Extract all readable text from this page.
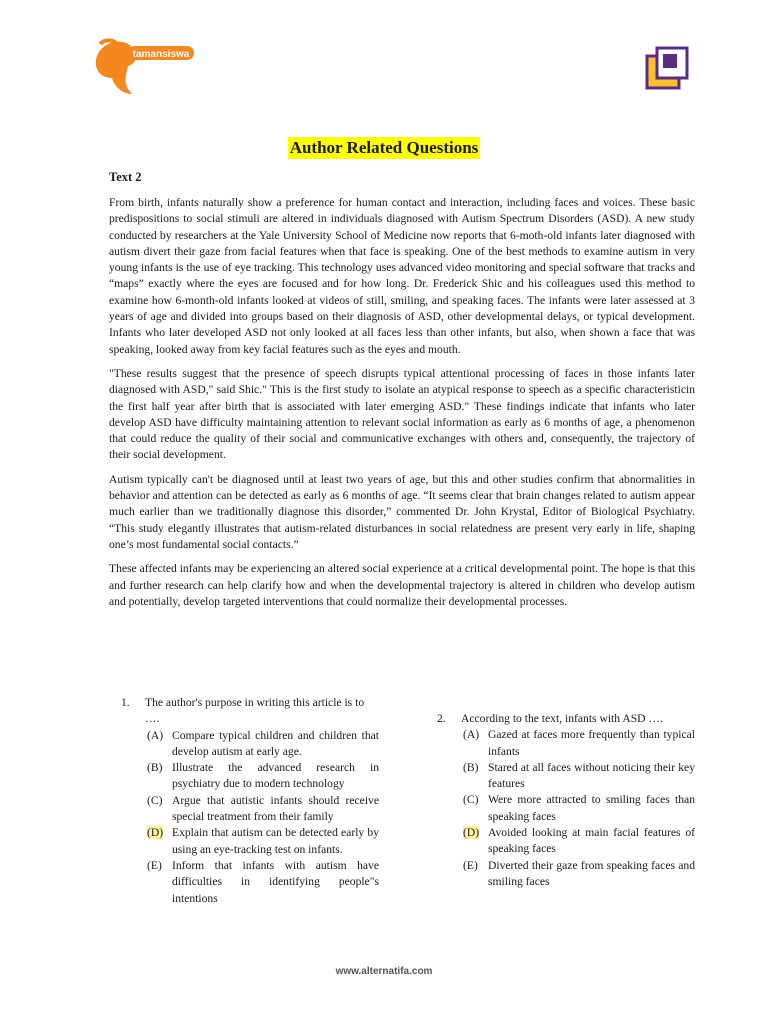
tamansiswa
Author Related Questions
Text 2

From birth, infants naturally show a preference for human contact and interaction, including faces and voices. These basic predispositions to social stimuli are altered in individuals diagnosed with Autism Spectrum Disorders (ASD). A new study conducted by researchers at the Yale University School of Medicine now reports that 6-moth-old infants later diagnosed with autism divert their gaze from facial features when that face is speaking. One of the best methods to examine autism in very young infants is the use of eye tracking. This technology uses advanced video monitoring and special software that tracks and “maps” exactly where the eyes are focused and for how long. Dr. Frederick Shic and his colleagues used this method to examine how 6-month-old infants looked at videos of still, smiling, and speaking faces. The infants were later assessed at 3 years of age and divided into groups based on their diagnosis of ASD, other developmental delays, or typical development. Infants who later developed ASD not only looked at all faces less than other infants, but also, when shown a face that was speaking, looked away from key facial features such as the eyes and mouth.

"These results suggest that the presence of speech disrupts typical attentional processing of faces in those infants later diagnosed with ASD," said Shic." This is the first study to isolate an atypical response to speech as a specific characteristicin the first half year after birth that is associated with later emerging ASD." These findings indicate that infants who later develop ASD have difficulty maintaining attention to relevant social information as early as 6 months of age, a phenomenon that could reduce the quality of their social and communicative exchanges with others and, consequently, the trajectory of their social development.

Autism typically can't be diagnosed until at least two years of age, but this and other studies confirm that abnormalities in behavior and attention can be detected as early as 6 months of age. “It seems clear that brain changes related to autism appear much earlier than we traditionally diagnose this disorder,” commented Dr. John Krystal, Editor of Biological Psychiatry. “This study elegantly illustrates that autism-related disturbances in social relatedness are present very early in life, shaping one’s most fundamental social contacts.”

These affected infants may be experiencing an altered social experience at a critical developmental point. The hope is that this and further research can help clarify how and when the developmental trajectory is altered in children who develop autism and potentially, develop targeted interventions that could normalize their developmental processes.

1.	The author's purpose in writing this article is to ….
(A) Compare typical children and children that develop autism at early age.
(B) Illustrate the advanced research in psychiatry due to modern technology
(C) Argue that autistic infants should receive special treatment from their family
(D) Explain that autism can be detected early by using an eye-tracking test on infants.
(E) Inform that infants with autism have difficulties in identifying people"s intentions
2.	According to the text, infants with ASD ….
(A) Gazed at faces more frequently than typical infants
(B) Stared at all faces without noticing their key features
(C) Were more attracted to smiling faces than speaking faces
(D) Avoided looking at main facial features of speaking faces
(E) Diverted their gaze from speaking faces and smiling faces
www.alternatifa.com
